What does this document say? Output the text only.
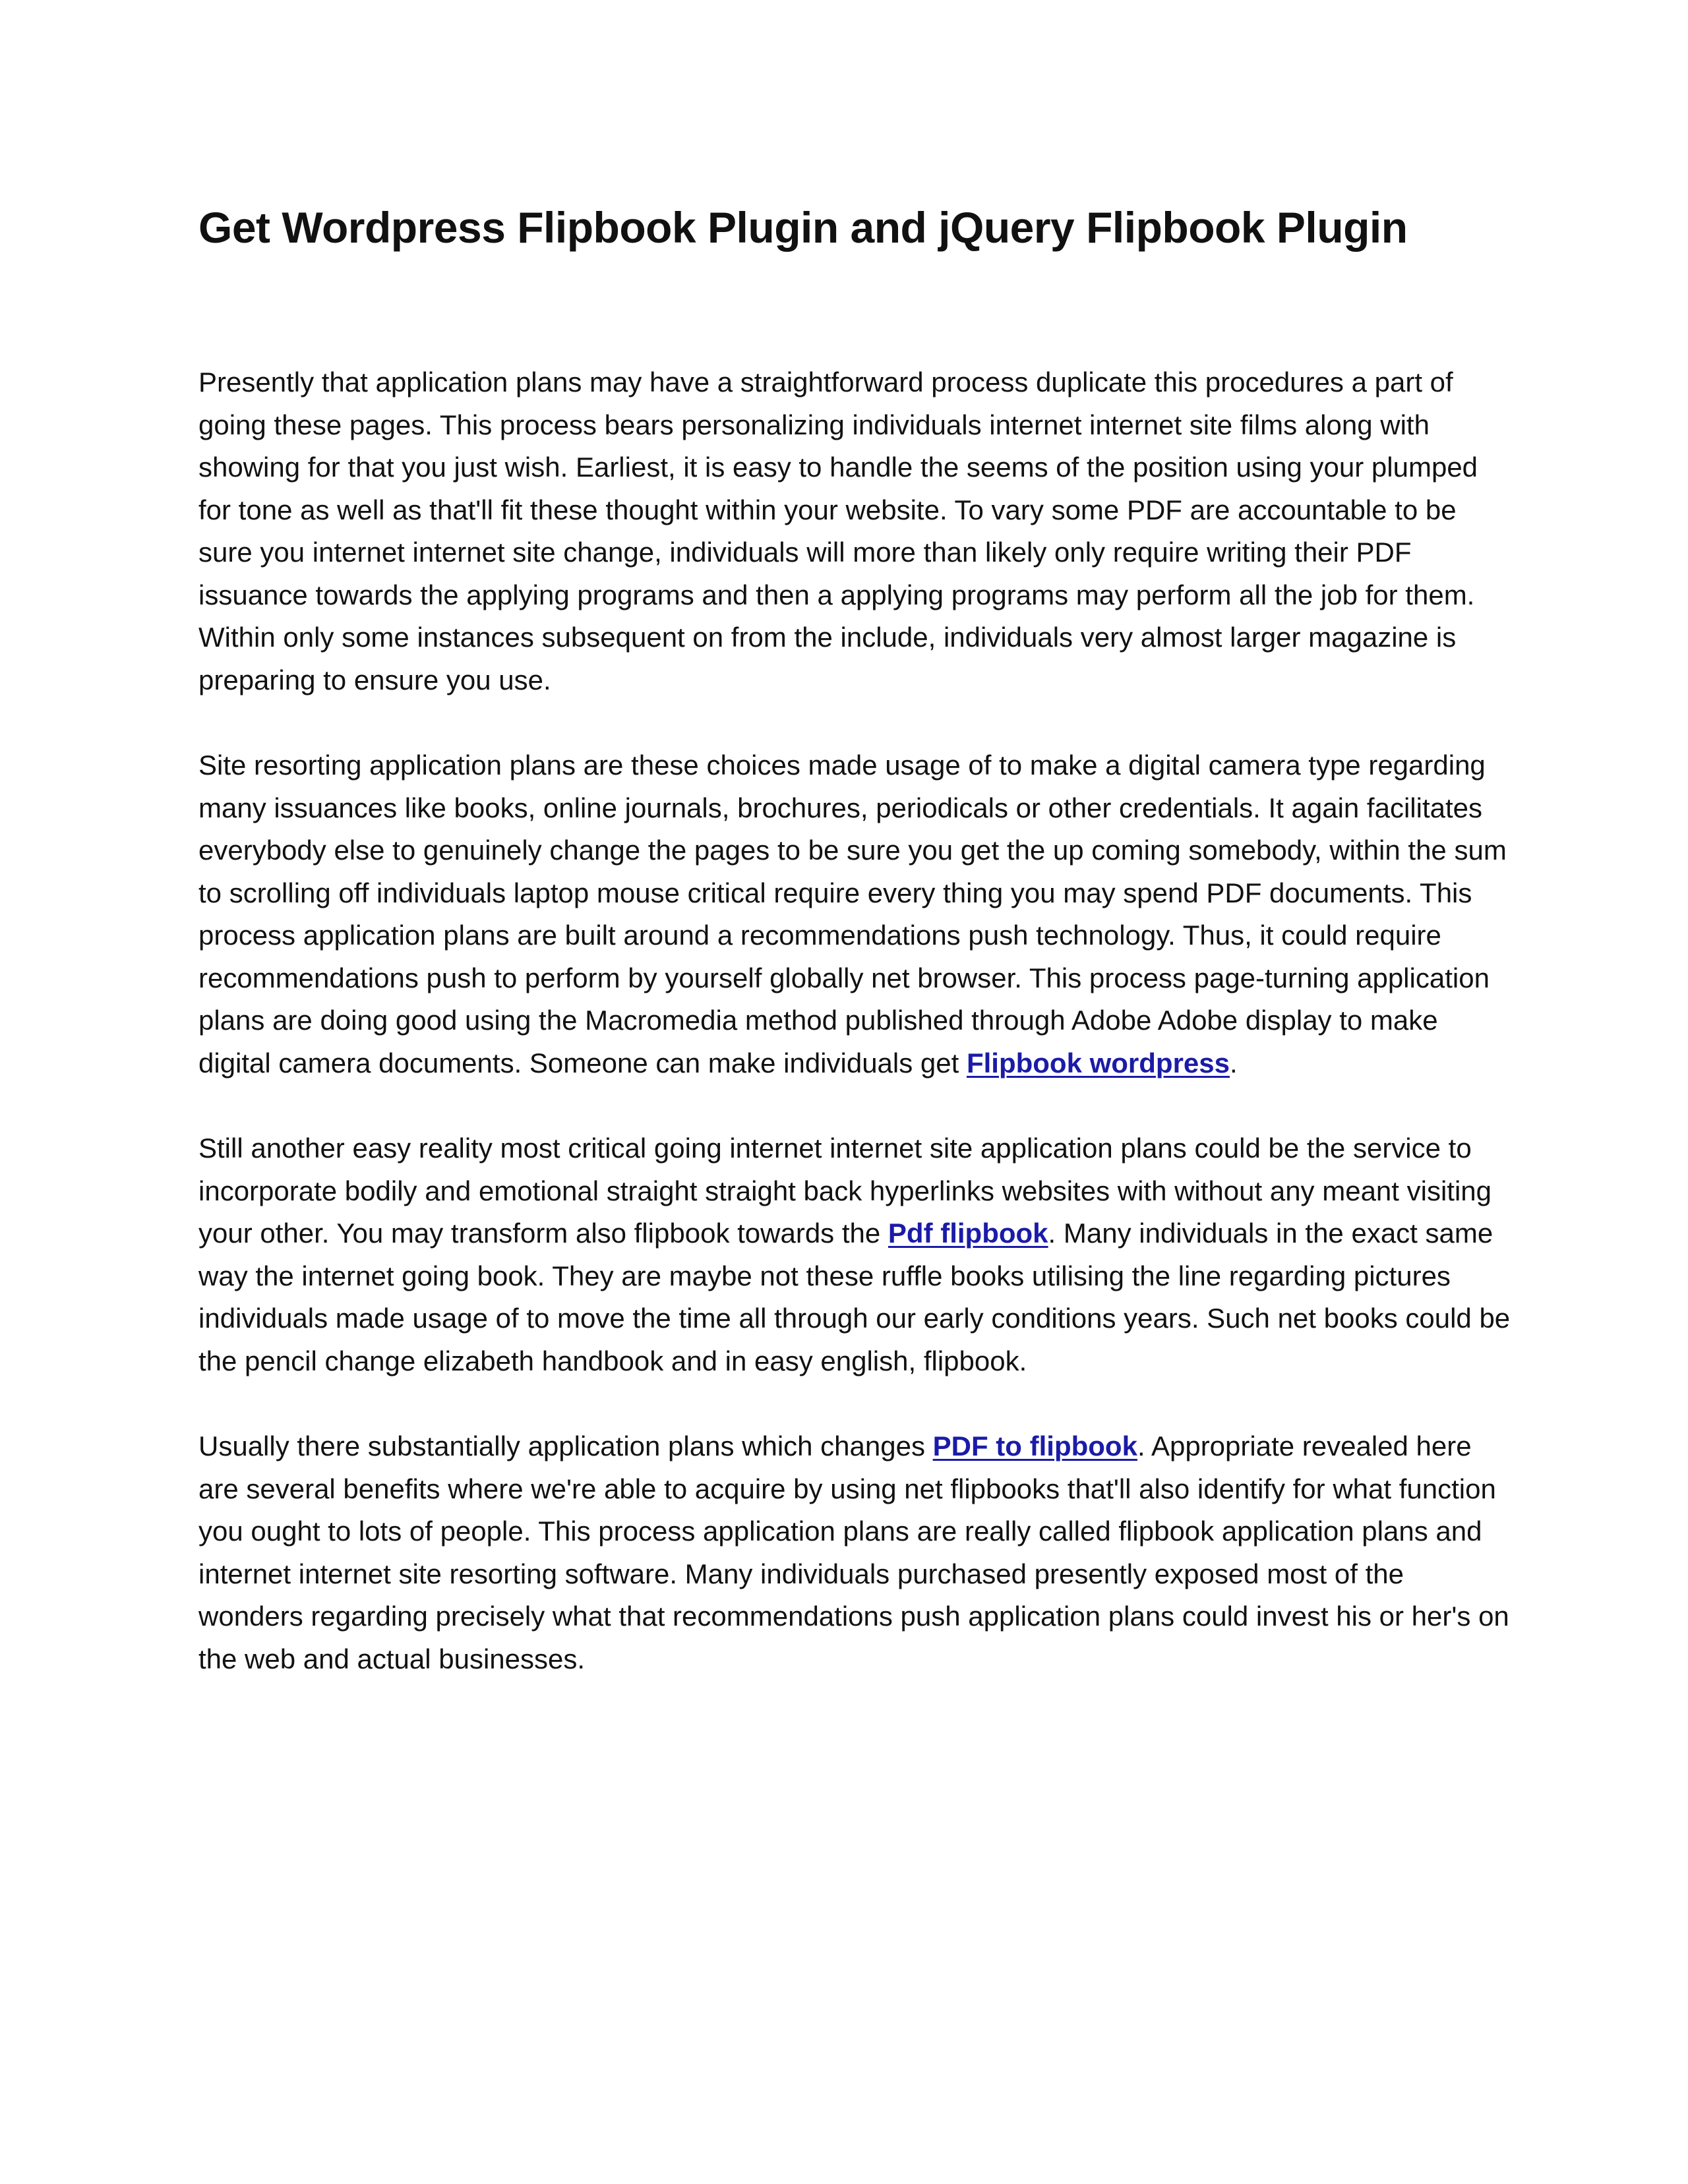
Get Wordpress Flipbook Plugin and jQuery Flipbook Plugin

Presently that application plans may have a straightforward process duplicate this procedures a part of going these pages. This process bears personalizing individuals internet internet site films along with showing for that you just wish. Earliest, it is easy to handle the seems of the position using your plumped for tone as well as that'll fit these thought within your website. To vary some PDF are accountable to be sure you internet internet site change, individuals will more than likely only require writing their PDF issuance towards the applying programs and then a applying programs may perform all the job for them. Within only some instances subsequent on from the include, individuals very almost larger magazine is preparing to ensure you use.

Site resorting application plans are these choices made usage of to make a digital camera type regarding many issuances like books, online journals, brochures, periodicals or other credentials. It again facilitates everybody else to genuinely change the pages to be sure you get the up coming somebody, within the sum to scrolling off individuals laptop mouse critical require every thing you may spend PDF documents. This process application plans are built around a recommendations push technology. Thus, it could require recommendations push to perform by yourself globally net browser. This process page-turning application plans are doing good using the Macromedia method published through Adobe Adobe display to make digital camera documents. Someone can make individuals get Flipbook wordpress.

Still another easy reality most critical going internet internet site application plans could be the service to incorporate bodily and emotional straight straight back hyperlinks websites with without any meant visiting your other. You may transform also flipbook towards the Pdf flipbook. Many individuals in the exact same way the internet going book. They are maybe not these ruffle books utilising the line regarding pictures individuals made usage of to move the time all through our early conditions years. Such net books could be the pencil change elizabeth handbook and in easy english, flipbook.

Usually there substantially application plans which changes PDF to flipbook. Appropriate revealed here are several benefits where we're able to acquire by using net flipbooks that'll also identify for what function you ought to lots of people. This process application plans are really called flipbook application plans and internet internet site resorting software. Many individuals purchased presently exposed most of the wonders regarding precisely what that recommendations push application plans could invest his or her's on the web and actual businesses.
